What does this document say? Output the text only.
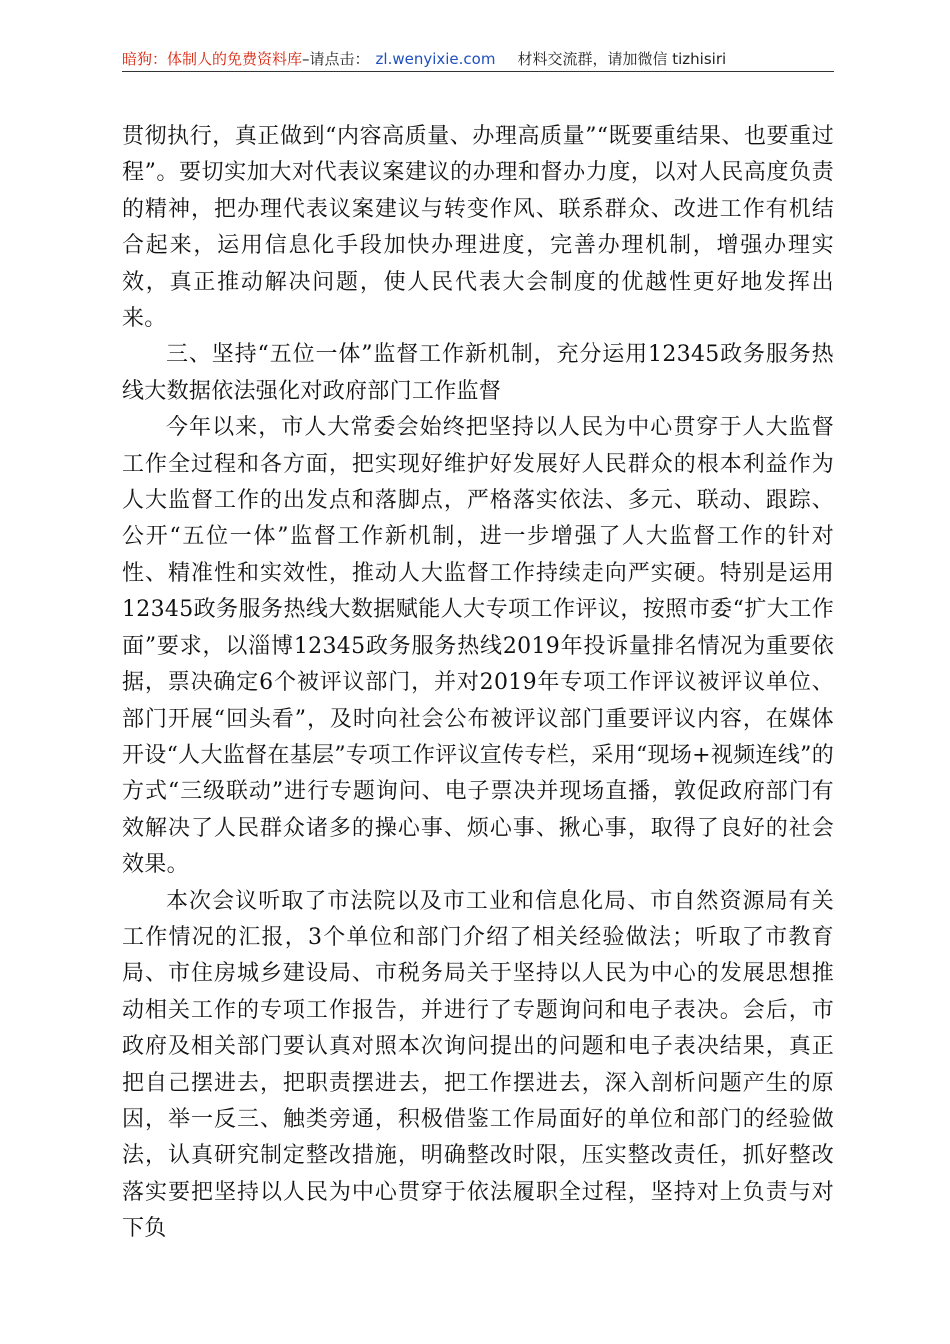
暗狗：体制人的免费资料库–请点击： zl.wenyixie.com 材料交流群，请加微信 tizhisiri

贯彻执行，真正做到“内容高质量、办理高质量”“既要重结果、也要重过程”。要切实加大对代表议案建议的办理和督办力度，以对人民高度负责的精神，把办理代表议案建议与转变作风、联系群众、改进工作有机结合起来，运用信息化手段加快办理进度，完善办理机制，增强办理实效，真正推动解决问题，使人民代表大会制度的优越性更好地发挥出来。

三、坚持“五位一体”监督工作新机制，充分运用12345政务服务热线大数据依法强化对政府部门工作监督

今年以来，市人大常委会始终把坚持以人民为中心贯穿于人大监督工作全过程和各方面，把实现好维护好发展好人民群众的根本利益作为人大监督工作的出发点和落脚点，严格落实依法、多元、联动、跟踪、公开“五位一体”监督工作新机制，进一步增强了人大监督工作的针对性、精准性和实效性，推动人大监督工作持续走向严实硬。特别是运用12345政务服务热线大数据赋能人大专项工作评议，按照市委“扩大工作面”要求，以淄博12345政务服务热线2019年投诉量排名情况为重要依据，票决确定6个被评议部门，并对2019年专项工作评议被评议单位、部门开展“回头看”，及时向社会公布被评议部门重要评议内容，在媒体开设“人大监督在基层”专项工作评议宣传专栏，采用“现场+视频连线”的方式“三级联动”进行专题询问、电子票决并现场直播，敦促政府部门有效解决了人民群众诸多的操心事、烦心事、揪心事，取得了良好的社会效果。

本次会议听取了市法院以及市工业和信息化局、市自然资源局有关工作情况的汇报，3个单位和部门介绍了相关经验做法；听取了市教育局、市住房城乡建设局、市税务局关于坚持以人民为中心的发展思想推动相关工作的专项工作报告，并进行了专题询问和电子表决。会后，市政府及相关部门要认真对照本次询问提出的问题和电子表决结果，真正把自己摆进去，把职责摆进去，把工作摆进去，深入剖析问题产生的原因，举一反三、触类旁通，积极借鉴工作局面好的单位和部门的经验做法，认真研究制定整改措施，明确整改时限，压实整改责任，抓好整改落实要把坚持以人民为中心贯穿于依法履职全过程，坚持对上负责与对下负
